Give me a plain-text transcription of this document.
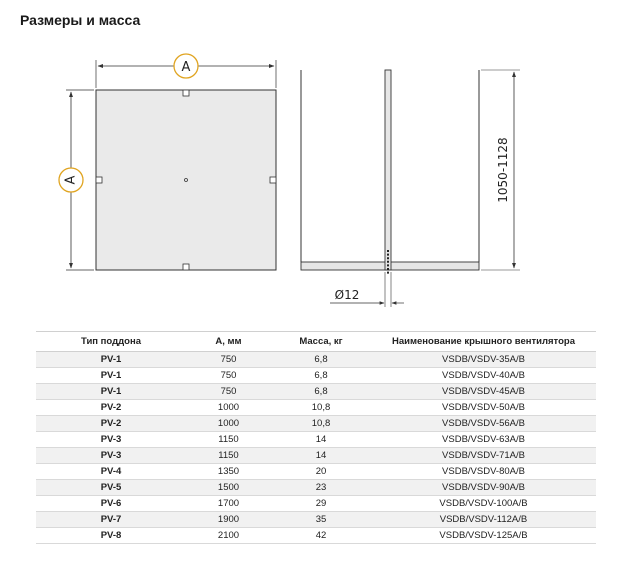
Размеры и масса
A
A
Ø12
1050-1128
Тип поддона	А, мм	Масса, кг	Наименование крышного вентилятора
PV-1	750	6,8	VSDB/VSDV-35A/B
PV-1	750	6,8	VSDB/VSDV-40A/B
PV-1	750	6,8	VSDB/VSDV-45A/B
PV-2	1000	10,8	VSDB/VSDV-50A/B
PV-2	1000	10,8	VSDB/VSDV-56A/B
PV-3	1150	14	VSDB/VSDV-63A/B
PV-3	1150	14	VSDB/VSDV-71A/B
PV-4	1350	20	VSDB/VSDV-80A/B
PV-5	1500	23	VSDB/VSDV-90A/B
PV-6	1700	29	VSDB/VSDV-100A/B
PV-7	1900	35	VSDB/VSDV-112A/B
PV-8	2100	42	VSDB/VSDV-125A/B
